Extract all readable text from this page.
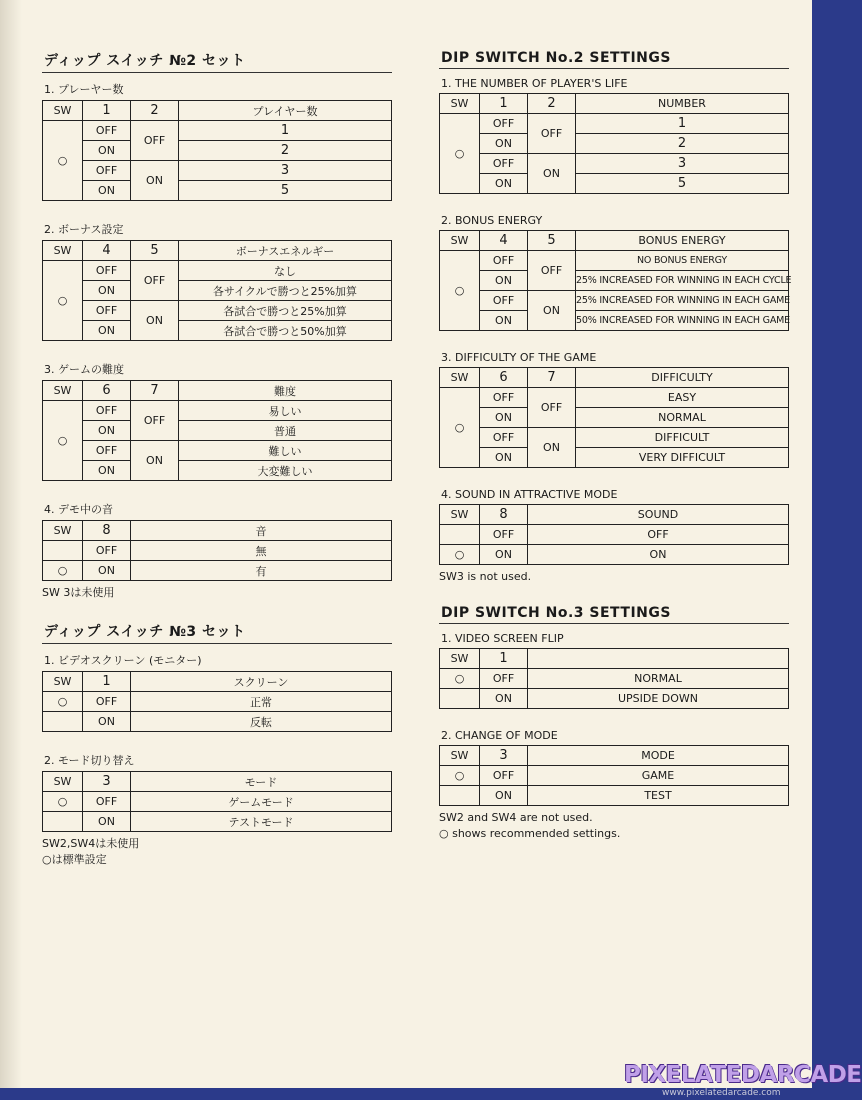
ディップ スイッチ №2 セット
1. プレーヤー数
SW	1	2	プレイヤー数
○	OFF	OFF	1
	ON		2
	OFF	ON	3
	ON		5
2. ボーナス設定
SW	4	5	ボーナスエネルギー
○	OFF	OFF	なし
	ON		各サイクルで勝つと25%加算
	OFF	ON	各試合で勝つと25%加算
	ON		各試合で勝つと50%加算
3. ゲームの難度
SW	6	7	難度
○	OFF	OFF	易しい
	ON		普通
	OFF	ON	難しい
	ON		大変難しい
4. デモ中の音
SW	8	音
	OFF	無
○	ON	有
SW 3は未使用
ディップ スイッチ №3 セット
1. ビデオスクリーン (モニター)
SW	1	スクリーン
○	OFF	正常
	ON	反転
2. モード切り替え
SW	3	モード
○	OFF	ゲームモード
	ON	テストモード
SW2,SW4は未使用
○は標準設定
DIP SWITCH No.2 SETTINGS
1. THE NUMBER OF PLAYER'S LIFE
SW	1	2	NUMBER
○	OFF	OFF	1
	ON		2
	OFF	ON	3
	ON		5
2. BONUS ENERGY
SW	4	5	BONUS ENERGY
○	OFF	OFF	NO BONUS ENERGY
	ON		25% INCREASED FOR WINNING IN EACH CYCLE
	OFF	ON	25% INCREASED FOR WINNING IN EACH GAME
	ON		50% INCREASED FOR WINNING IN EACH GAME
3. DIFFICULTY OF THE GAME
SW	6	7	DIFFICULTY
○	OFF	OFF	EASY
	ON		NORMAL
	OFF	ON	DIFFICULT
	ON		VERY DIFFICULT
4. SOUND IN ATTRACTIVE MODE
SW	8	SOUND
	OFF	OFF
○	ON	ON
SW3 is not used.
DIP SWITCH No.3 SETTINGS
1. VIDEO SCREEN FLIP
SW	1	
○	OFF	NORMAL
	ON	UPSIDE DOWN
2. CHANGE OF MODE
SW	3	MODE
○	OFF	GAME
	ON	TEST
SW2 and SW4 are not used.
○ shows recommended settings.
PIXELATEDARCADE
www.pixelatedarcade.com
